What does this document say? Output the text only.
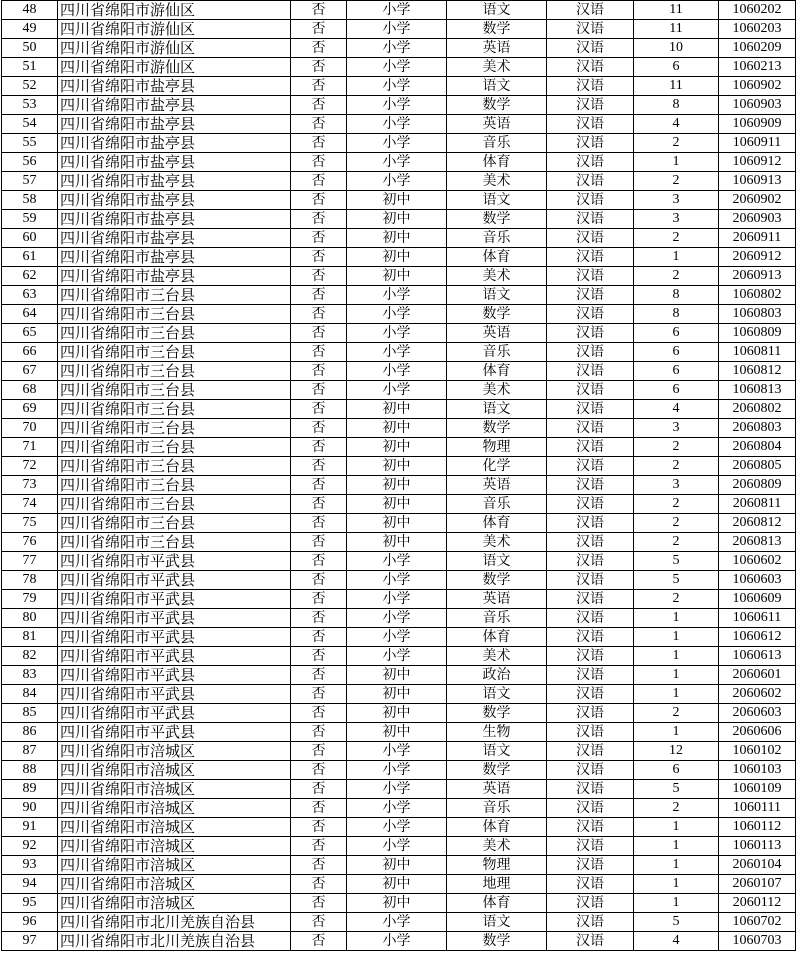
48	四川省绵阳市游仙区	否	小学	语文	汉语	11	1060202
49	四川省绵阳市游仙区	否	小学	数学	汉语	11	1060203
50	四川省绵阳市游仙区	否	小学	英语	汉语	10	1060209
51	四川省绵阳市游仙区	否	小学	美术	汉语	6	1060213
52	四川省绵阳市盐亭县	否	小学	语文	汉语	11	1060902
53	四川省绵阳市盐亭县	否	小学	数学	汉语	8	1060903
54	四川省绵阳市盐亭县	否	小学	英语	汉语	4	1060909
55	四川省绵阳市盐亭县	否	小学	音乐	汉语	2	1060911
56	四川省绵阳市盐亭县	否	小学	体育	汉语	1	1060912
57	四川省绵阳市盐亭县	否	小学	美术	汉语	2	1060913
58	四川省绵阳市盐亭县	否	初中	语文	汉语	3	2060902
59	四川省绵阳市盐亭县	否	初中	数学	汉语	3	2060903
60	四川省绵阳市盐亭县	否	初中	音乐	汉语	2	2060911
61	四川省绵阳市盐亭县	否	初中	体育	汉语	1	2060912
62	四川省绵阳市盐亭县	否	初中	美术	汉语	2	2060913
63	四川省绵阳市三台县	否	小学	语文	汉语	8	1060802
64	四川省绵阳市三台县	否	小学	数学	汉语	8	1060803
65	四川省绵阳市三台县	否	小学	英语	汉语	6	1060809
66	四川省绵阳市三台县	否	小学	音乐	汉语	6	1060811
67	四川省绵阳市三台县	否	小学	体育	汉语	6	1060812
68	四川省绵阳市三台县	否	小学	美术	汉语	6	1060813
69	四川省绵阳市三台县	否	初中	语文	汉语	4	2060802
70	四川省绵阳市三台县	否	初中	数学	汉语	3	2060803
71	四川省绵阳市三台县	否	初中	物理	汉语	2	2060804
72	四川省绵阳市三台县	否	初中	化学	汉语	2	2060805
73	四川省绵阳市三台县	否	初中	英语	汉语	3	2060809
74	四川省绵阳市三台县	否	初中	音乐	汉语	2	2060811
75	四川省绵阳市三台县	否	初中	体育	汉语	2	2060812
76	四川省绵阳市三台县	否	初中	美术	汉语	2	2060813
77	四川省绵阳市平武县	否	小学	语文	汉语	5	1060602
78	四川省绵阳市平武县	否	小学	数学	汉语	5	1060603
79	四川省绵阳市平武县	否	小学	英语	汉语	2	1060609
80	四川省绵阳市平武县	否	小学	音乐	汉语	1	1060611
81	四川省绵阳市平武县	否	小学	体育	汉语	1	1060612
82	四川省绵阳市平武县	否	小学	美术	汉语	1	1060613
83	四川省绵阳市平武县	否	初中	政治	汉语	1	2060601
84	四川省绵阳市平武县	否	初中	语文	汉语	1	2060602
85	四川省绵阳市平武县	否	初中	数学	汉语	2	2060603
86	四川省绵阳市平武县	否	初中	生物	汉语	1	2060606
87	四川省绵阳市涪城区	否	小学	语文	汉语	12	1060102
88	四川省绵阳市涪城区	否	小学	数学	汉语	6	1060103
89	四川省绵阳市涪城区	否	小学	英语	汉语	5	1060109
90	四川省绵阳市涪城区	否	小学	音乐	汉语	2	1060111
91	四川省绵阳市涪城区	否	小学	体育	汉语	1	1060112
92	四川省绵阳市涪城区	否	小学	美术	汉语	1	1060113
93	四川省绵阳市涪城区	否	初中	物理	汉语	1	2060104
94	四川省绵阳市涪城区	否	初中	地理	汉语	1	2060107
95	四川省绵阳市涪城区	否	初中	体育	汉语	1	2060112
96	四川省绵阳市北川羌族自治县	否	小学	语文	汉语	5	1060702
97	四川省绵阳市北川羌族自治县	否	小学	数学	汉语	4	1060703
